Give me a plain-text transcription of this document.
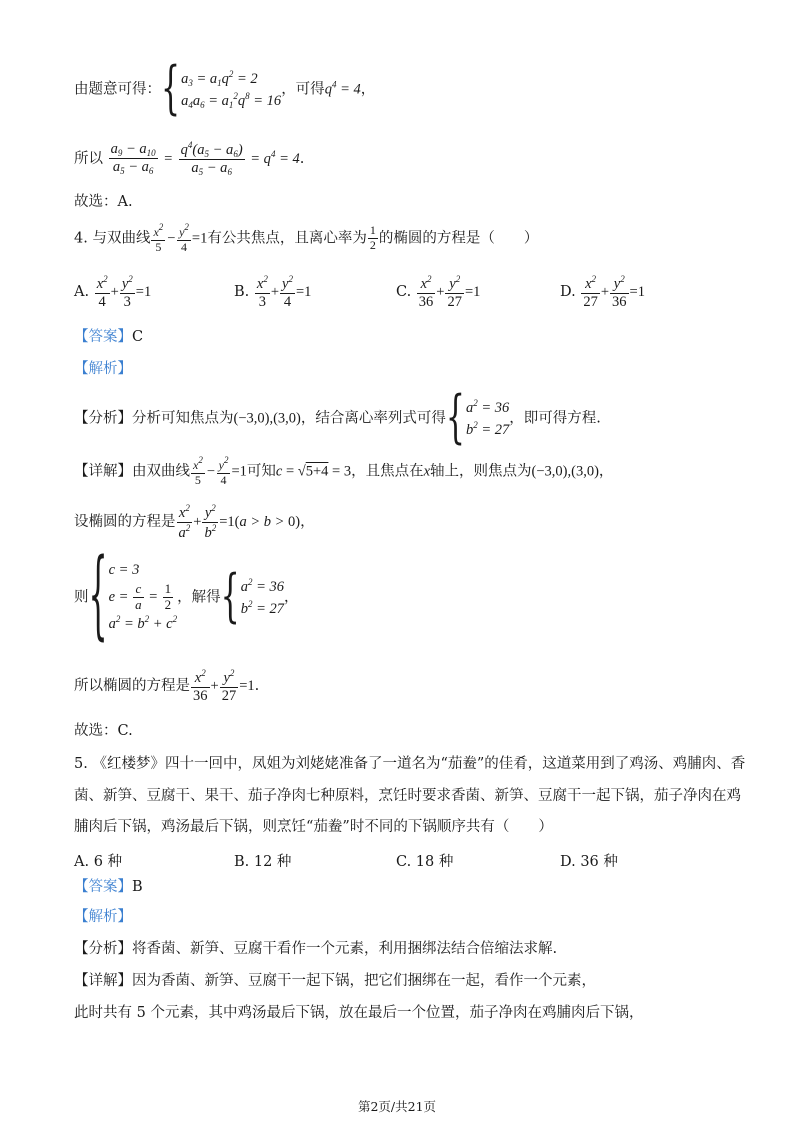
由题意可得：{$a_3 = a_1q^2 = 2$
$a_4a_6 = a_1^2q^8 = 16$，可得$q^4 = 4$，
所以 $\frac{a_9 - a_{10}}{a_5 - a_6} = \frac{q^4(a_5 - a_6)}{a_5 - a_6} = q^4 = 4$.
故选：A.
4. 与双曲线 $\frac{x^2}{5} - \frac{y^2}{4} =1$有公共焦点，且离心率为 $\frac{1}{2}$ 的椭圆的方程是（　　）
A. $\frac{x^2}{4} + \frac{y^2}{3} =1$	B. $\frac{x^2}{3} + \frac{y^2}{4} =1$	C. $\frac{x^2}{36} + \frac{y^2}{27} =1$	D. $\frac{x^2}{27} + \frac{y^2}{36} =1$
【答案】C
【解析】
【分析】分析可知焦点为(−3,0),(3,0)，结合离心率列式可得{$a^2 = 36$
$b^2 = 27$，即可得方程.
【详解】由双曲线 $\frac{x^2}{5} - \frac{y^2}{4} =1$可知c = √5+4 = 3，且焦点在x轴上，则焦点为(−3,0),(3,0)，
设椭圆的方程是 $\frac{x^2}{a^2} + \frac{y^2}{b^2} =1(a > b > 0)$，
则{c = 3
$e = \frac{c}{a} = \frac{1}{2}$

$a^2 = b^2 + c^2$，解得{$a^2 = 36$
$b^2 = 27$，
所以椭圆的方程是 $\frac{x^2}{36} + \frac{y^2}{27} =1$.
故选：C.
5. 《红楼梦》四十一回中，凤姐为刘姥姥准备了一道名为“茄鲞”的佳肴，这道菜用到了鸡汤、鸡脯肉、香
菌、新笋、豆腐干、果干、茄子净肉七种原料，烹饪时要求香菌、新笋、豆腐干一起下锅，茄子净肉在鸡
脯肉后下锅，鸡汤最后下锅，则烹饪“茄鲞”时不同的下锅顺序共有（　　）
A. 6 种	B. 12 种	C. 18 种	D. 36 种
【答案】B
【解析】
【分析】将香菌、新笋、豆腐干看作一个元素，利用捆绑法结合倍缩法求解.
【详解】因为香菌、新笋、豆腐干一起下锅，把它们捆绑在一起，看作一个元素，
此时共有 5 个元素，其中鸡汤最后下锅，放在最后一个位置，茄子净肉在鸡脯肉后下锅，
第2页/共21页
